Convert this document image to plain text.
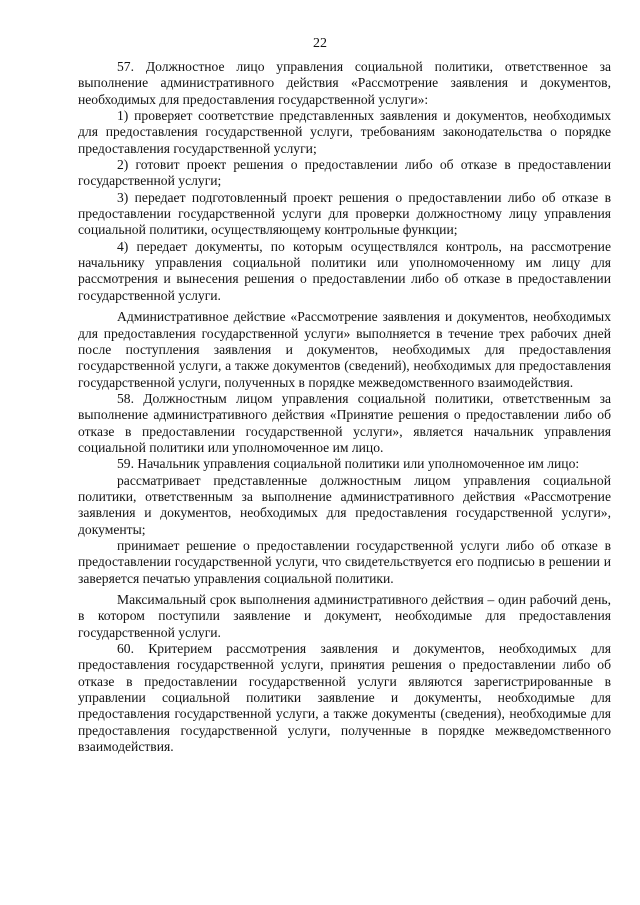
22

57. Должностное лицо управления социальной политики, ответственное за выполнение административного действия «Рассмотрение заявления и документов, необходимых для предоставления государственной услуги»:

1) проверяет соответствие представленных заявления и документов, необходимых для предоставления государственной услуги, требованиям законодательства о порядке предоставления государственной услуги;

2) готовит проект решения о предоставлении либо об отказе в предоставлении государственной услуги;

3) передает подготовленный проект решения о предоставлении либо об отказе в предоставлении государственной услуги для проверки должностному лицу управления социальной политики, осуществляющему контрольные функции;

4) передает документы, по которым осуществлялся контроль, на рассмотрение начальнику управления социальной политики или уполномоченному им лицу для рассмотрения и вынесения решения о предоставлении либо об отказе в предоставлении государственной услуги.

Административное действие «Рассмотрение заявления и документов, необходимых для предоставления государственной услуги» выполняется в течение трех рабочих дней после поступления заявления и документов, необходимых для предоставления государственной услуги, а также документов (сведений), необходимых для предоставления государственной услуги, полученных в порядке межведомственного взаимодействия.

58. Должностным лицом управления социальной политики, ответственным за выполнение административного действия «Принятие решения о предоставлении либо об отказе в предоставлении государственной услуги», является начальник управления социальной политики или уполномоченное им лицо.

59. Начальник управления социальной политики или уполномоченное им лицо:

рассматривает представленные должностным лицом управления социальной политики, ответственным за выполнение административного действия «Рассмотрение заявления и документов, необходимых для предоставления государственной услуги», документы;

принимает решение о предоставлении государственной услуги либо об отказе в предоставлении государственной услуги, что свидетельствуется его подписью в решении и заверяется печатью управления социальной политики.

Максимальный срок выполнения административного действия – один рабочий день, в котором поступили заявление и документ, необходимые для предоставления государственной услуги.

60. Критерием рассмотрения заявления и документов, необходимых для предоставления государственной услуги, принятия решения о предоставлении либо об отказе в предоставлении государственной услуги являются зарегистрированные в управлении социальной политики заявление и документы, необходимые для предоставления государственной услуги, а также документы (сведения), необходимые для предоставления государственной услуги, полученные в порядке межведомственного взаимодействия.
